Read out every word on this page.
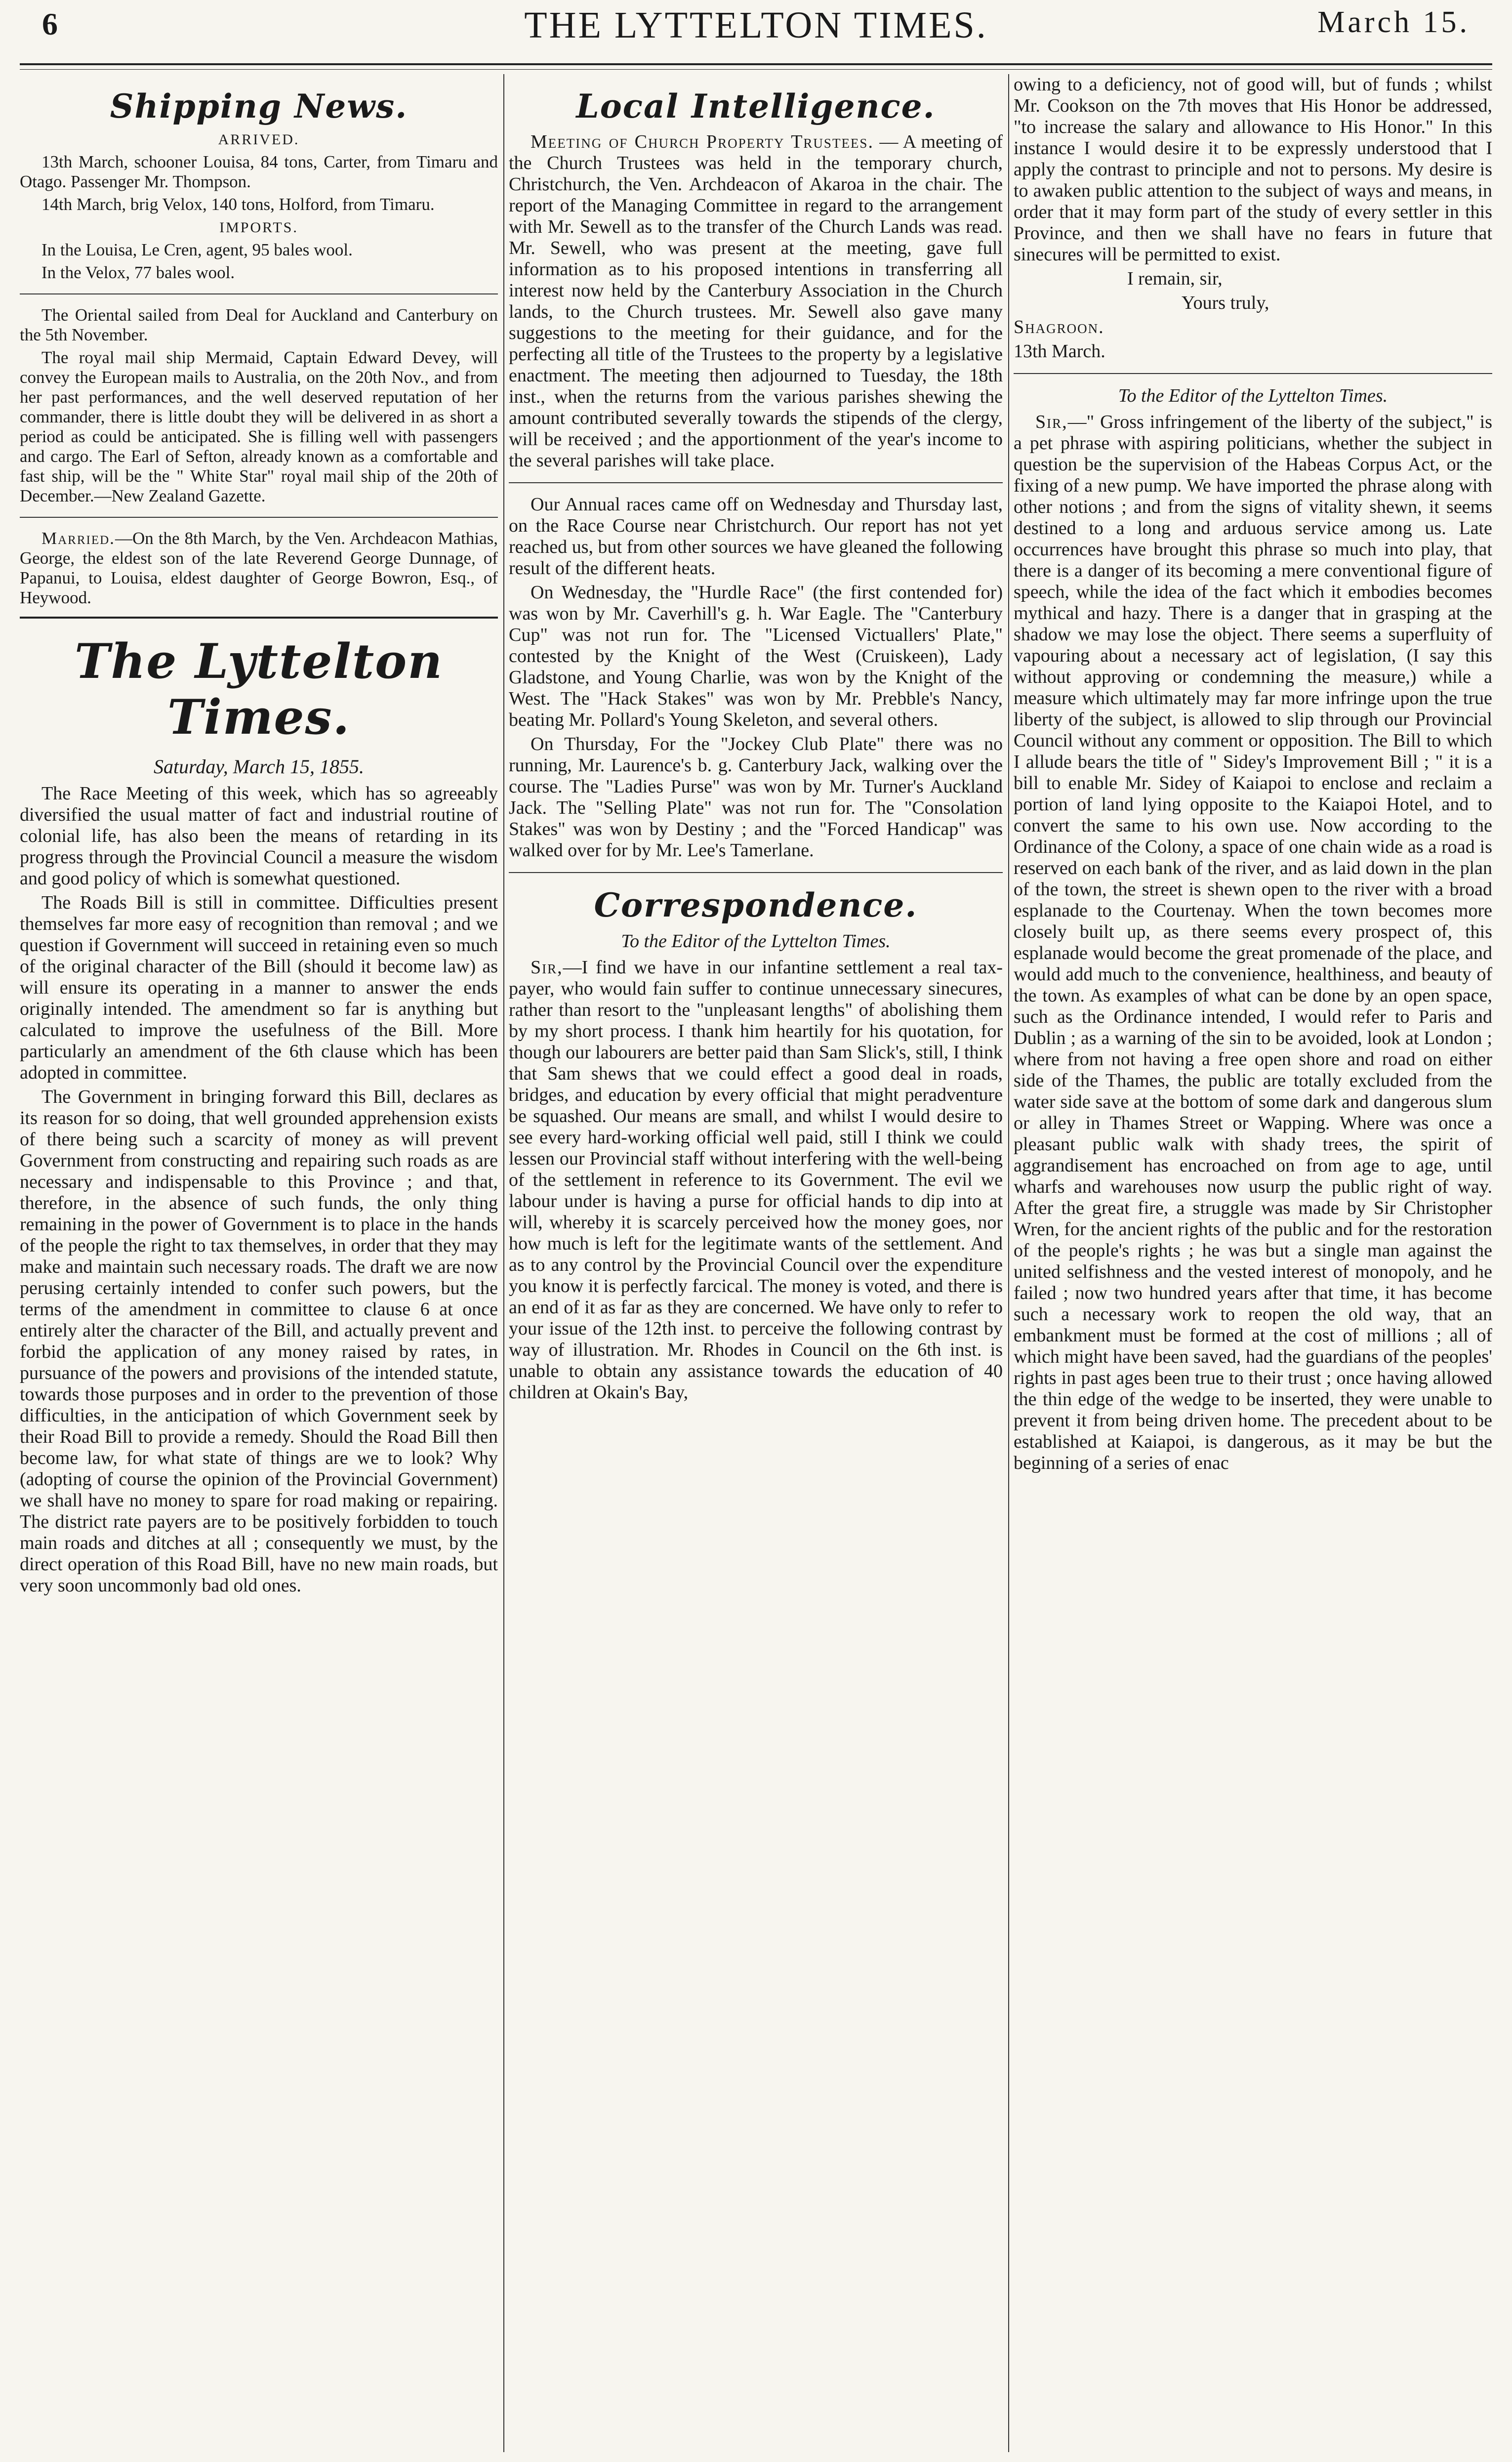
6	THE LYTTELTON TIMES.	March 15.
Shipping News.
ARRIVED.

13th March, schooner Louisa, 84 tons, Carter, from Timaru and Otago. Passenger Mr. Thompson.

14th March, brig Velox, 140 tons, Holford, from Timaru.

IMPORTS.

In the Louisa, Le Cren, agent, 95 bales wool.

In the Velox, 77 bales wool.

The Oriental sailed from Deal for Auckland and Canterbury on the 5th November.

The royal mail ship Mermaid, Captain Edward Devey, will convey the European mails to Australia, on the 20th Nov., and from her past performances, and the well deserved reputation of her commander, there is little doubt they will be delivered in as short a period as could be anticipated. She is filling well with passengers and cargo. The Earl of Sefton, already known as a comfortable and fast ship, will be the " White Star" royal mail ship of the 20th of December.—New Zealand Gazette.

Married.—On the 8th March, by the Ven. Archdeacon Mathias, George, the eldest son of the late Reverend George Dunnage, of Papanui, to Louisa, eldest daughter of George Bowron, Esq., of Heywood.

The Lyttelton Times.
Saturday, March 15, 1855.

The Race Meeting of this week, which has so agreeably diversified the usual matter of fact and industrial routine of colonial life, has also been the means of retarding in its progress through the Provincial Council a measure the wisdom and good policy of which is somewhat questioned.

The Roads Bill is still in committee. Difficulties present themselves far more easy of recognition than removal ; and we question if Government will succeed in retaining even so much of the original character of the Bill (should it become law) as will ensure its operating in a manner to answer the ends originally intended. The amendment so far is anything but calculated to improve the usefulness of the Bill. More particularly an amendment of the 6th clause which has been adopted in committee.

The Government in bringing forward this Bill, declares as its reason for so doing, that well grounded apprehension exists of there being such a scarcity of money as will prevent Government from constructing and repairing such roads as are necessary and indispensable to this Province ; and that, therefore, in the absence of such funds, the only thing remaining in the power of Government is to place in the hands of the people the right to tax themselves, in order that they may make and maintain such necessary roads. The draft we are now perusing certainly intended to confer such powers, but the terms of the amendment in committee to clause 6 at once entirely alter the character of the Bill, and actually prevent and forbid the application of any money raised by rates, in pursuance of the powers and provisions of the intended statute, towards those purposes and in order to the prevention of those difficulties, in the anticipation of which Government seek by their Road Bill to provide a remedy. Should the Road Bill then become law, for what state of things are we to look? Why (adopting of course the opinion of the Provincial Government) we shall have no money to spare for road making or repairing. The district rate payers are to be positively forbidden to touch main roads and ditches at all ; consequently we must, by the direct operation of this Road Bill, have no new main roads, but very soon uncommonly bad old ones.

Local Intelligence.

Meeting of Church Property Trustees. — A meeting of the Church Trustees was held in the temporary church, Christchurch, the Ven. Archdeacon of Akaroa in the chair. The report of the Managing Committee in regard to the arrangement with Mr. Sewell as to the transfer of the Church Lands was read. Mr. Sewell, who was present at the meeting, gave full information as to his proposed intentions in transferring all interest now held by the Canterbury Association in the Church lands, to the Church trustees. Mr. Sewell also gave many suggestions to the meeting for their guidance, and for the perfecting all title of the Trustees to the property by a legislative enactment. The meeting then adjourned to Tuesday, the 18th inst., when the returns from the various parishes shewing the amount contributed severally towards the stipends of the clergy, will be received ; and the apportionment of the year's income to the several parishes will take place.

Our Annual races came off on Wednesday and Thursday last, on the Race Course near Christchurch. Our report has not yet reached us, but from other sources we have gleaned the following result of the different heats.

On Wednesday, the "Hurdle Race" (the first contended for) was won by Mr. Caverhill's g. h. War Eagle. The "Canterbury Cup" was not run for. The "Licensed Victuallers' Plate," contested by the Knight of the West (Cruiskeen), Lady Gladstone, and Young Charlie, was won by the Knight of the West. The "Hack Stakes" was won by Mr. Prebble's Nancy, beating Mr. Pollard's Young Skeleton, and several others.

On Thursday, For the "Jockey Club Plate" there was no running, Mr. Laurence's b. g. Canterbury Jack, walking over the course. The "Ladies Purse" was won by Mr. Turner's Auckland Jack. The "Selling Plate" was not run for. The "Consolation Stakes" was won by Destiny ; and the "Forced Handicap" was walked over for by Mr. Lee's Tamerlane.

Correspondence.
To the Editor of the Lyttelton Times.

Sir,—I find we have in our infantine settlement a real tax-payer, who would fain suffer to continue unnecessary sinecures, rather than resort to the "unpleasant lengths" of abolishing them by my short process. I thank him heartily for his quotation, for though our labourers are better paid than Sam Slick's, still, I think that Sam shews that we could effect a good deal in roads, bridges, and education by every official that might peradventure be squashed. Our means are small, and whilst I would desire to see every hard-working official well paid, still I think we could lessen our Provincial staff without interfering with the well-being of the settlement in reference to its Government. The evil we labour under is having a purse for official hands to dip into at will, whereby it is scarcely perceived how the money goes, nor how much is left for the legitimate wants of the settlement. And as to any control by the Provincial Council over the expenditure you know it is perfectly farcical. The money is voted, and there is an end of it as far as they are concerned. We have only to refer to your issue of the 12th inst. to perceive the following contrast by way of illustration. Mr. Rhodes in Council on the 6th inst. is unable to obtain any assistance towards the education of 40 children at Okain's Bay,

owing to a deficiency, not of good will, but of funds ; whilst Mr. Cookson on the 7th moves that His Honor be addressed, "to increase the salary and allowance to His Honor." In this instance I would desire it to be expressly understood that I apply the contrast to principle and not to persons. My desire is to awaken public attention to the subject of ways and means, in order that it may form part of the study of every settler in this Province, and then we shall have no fears in future that sinecures will be permitted to exist.

I remain, sir,

Yours truly,

Shagroon.

13th March.

To the Editor of the Lyttelton Times.

Sir,—" Gross infringement of the liberty of the subject," is a pet phrase with aspiring politicians, whether the subject in question be the supervision of the Habeas Corpus Act, or the fixing of a new pump. We have imported the phrase along with other notions ; and from the signs of vitality shewn, it seems destined to a long and arduous service among us. Late occurrences have brought this phrase so much into play, that there is a danger of its becoming a mere conventional figure of speech, while the idea of the fact which it embodies becomes mythical and hazy. There is a danger that in grasping at the shadow we may lose the object. There seems a superfluity of vapouring about a necessary act of legislation, (I say this without approving or condemning the measure,) while a measure which ultimately may far more infringe upon the true liberty of the subject, is allowed to slip through our Provincial Council without any comment or opposition. The Bill to which I allude bears the title of " Sidey's Improvement Bill ; " it is a bill to enable Mr. Sidey of Kaiapoi to enclose and reclaim a portion of land lying opposite to the Kaiapoi Hotel, and to convert the same to his own use. Now according to the Ordinance of the Colony, a space of one chain wide as a road is reserved on each bank of the river, and as laid down in the plan of the town, the street is shewn open to the river with a broad esplanade to the Courtenay. When the town becomes more closely built up, as there seems every prospect of, this esplanade would become the great promenade of the place, and would add much to the convenience, healthiness, and beauty of the town. As examples of what can be done by an open space, such as the Ordinance intended, I would refer to Paris and Dublin ; as a warning of the sin to be avoided, look at London ; where from not having a free open shore and road on either side of the Thames, the public are totally excluded from the water side save at the bottom of some dark and dangerous slum or alley in Thames Street or Wapping. Where was once a pleasant public walk with shady trees, the spirit of aggrandisement has encroached on from age to age, until wharfs and warehouses now usurp the public right of way. After the great fire, a struggle was made by Sir Christopher Wren, for the ancient rights of the public and for the restoration of the people's rights ; he was but a single man against the united selfishness and the vested interest of monopoly, and he failed ; now two hundred years after that time, it has become such a necessary work to reopen the old way, that an embankment must be formed at the cost of millions ; all of which might have been saved, had the guardians of the peoples' rights in past ages been true to their trust ; once having allowed the thin edge of the wedge to be inserted, they were unable to prevent it from being driven home. The precedent about to be established at Kaiapoi, is dangerous, as it may be but the beginning of a series of enac
